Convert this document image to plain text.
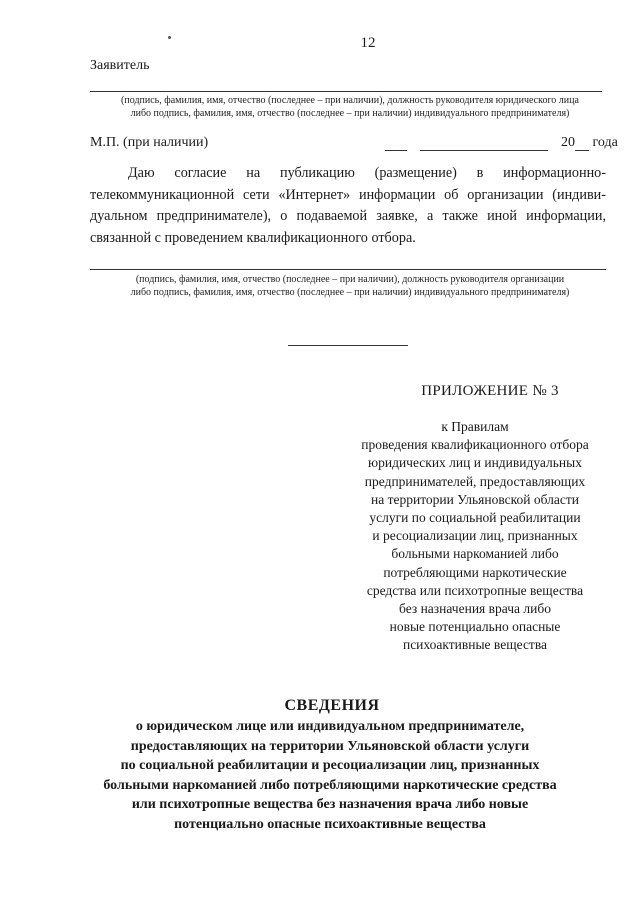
12
Заявитель
(подпись, фамилия, имя, отчество (последнее – при наличии), должность руководителя юридического лица
либо подпись, фамилия, имя, отчество (последнее – при наличии) индивидуального предпринимателя)
М.П. (при наличии)	20 года
Даю согласие на публикацию (размещение) в информационно-
телекоммуникационной сети «Интернет» информации об организации (индиви-
дуальном предпринимателе), о подаваемой заявке, а также иной информации,
связанной с проведением квалификационного отбора.
(подпись, фамилия, имя, отчество (последнее – при наличии), должность руководителя организации
либо подпись, фамилия, имя, отчество (последнее – при наличии) индивидуального предпринимателя)
ПРИЛОЖЕНИЕ № 3
к Правилам
проведения квалификационного отбора
юридических лиц и индивидуальных
предпринимателей, предоставляющих
на территории Ульяновской области
услуги по социальной реабилитации
и ресоциализации лиц, признанных
больными наркоманией либо
потребляющими наркотические
средства или психотропные вещества
без назначения врача либо
новые потенциально опасные
психоактивные вещества
СВЕДЕНИЯ
о юридическом лице или индивидуальном предпринимателе,
предоставляющих на территории Ульяновской области услуги
по социальной реабилитации и ресоциализации лиц, признанных
больными наркоманией либо потребляющими наркотические средства
или психотропные вещества без назначения врача либо новые
потенциально опасные психоактивные вещества
